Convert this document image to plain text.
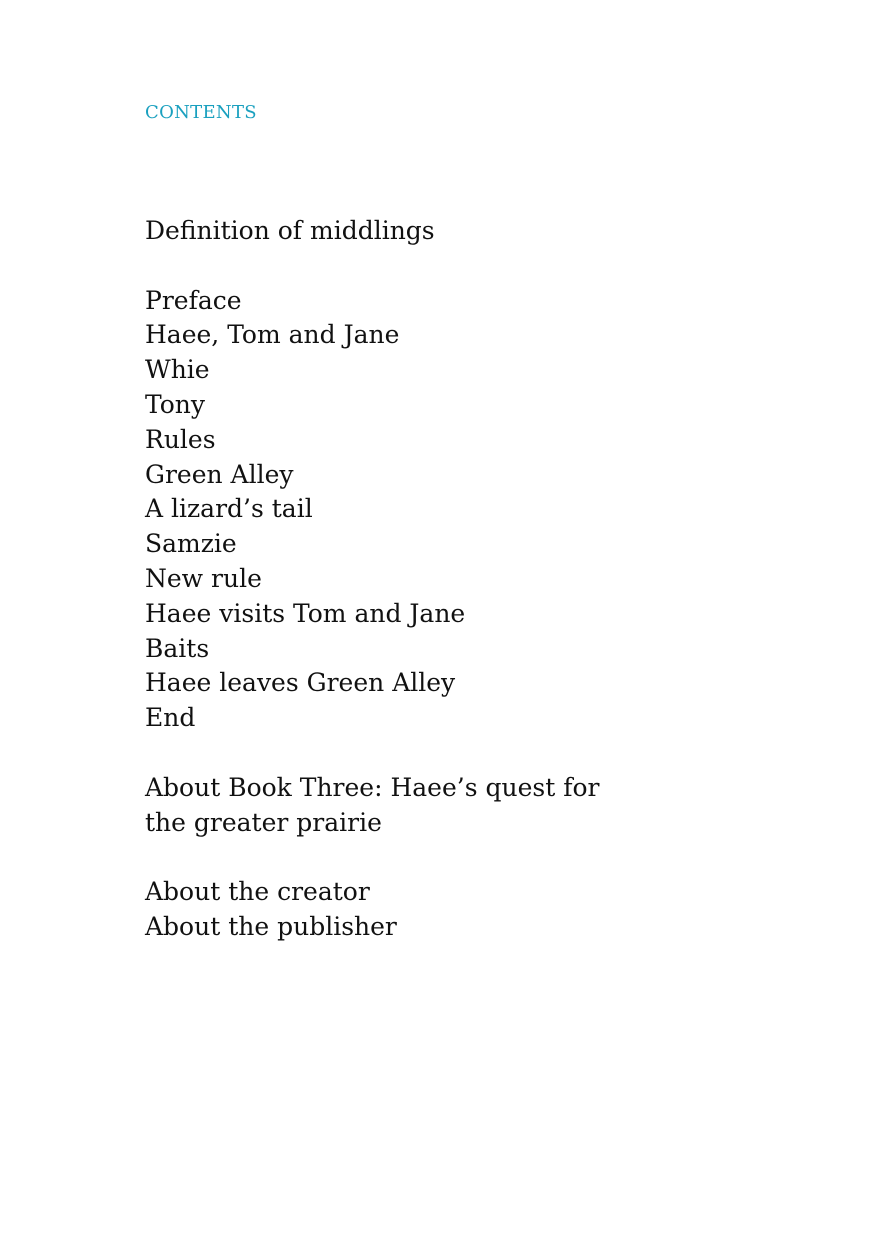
CONTENTS
Definition of middlings
Preface
Haee, Tom and Jane
Whie
Tony
Rules
Green Alley
A lizard’s tail
Samzie
New rule
Haee visits Tom and Jane
Baits
Haee leaves Green Alley
End
About Book Three: Haee’s quest for the greater prairie
About the creator
About the publisher
